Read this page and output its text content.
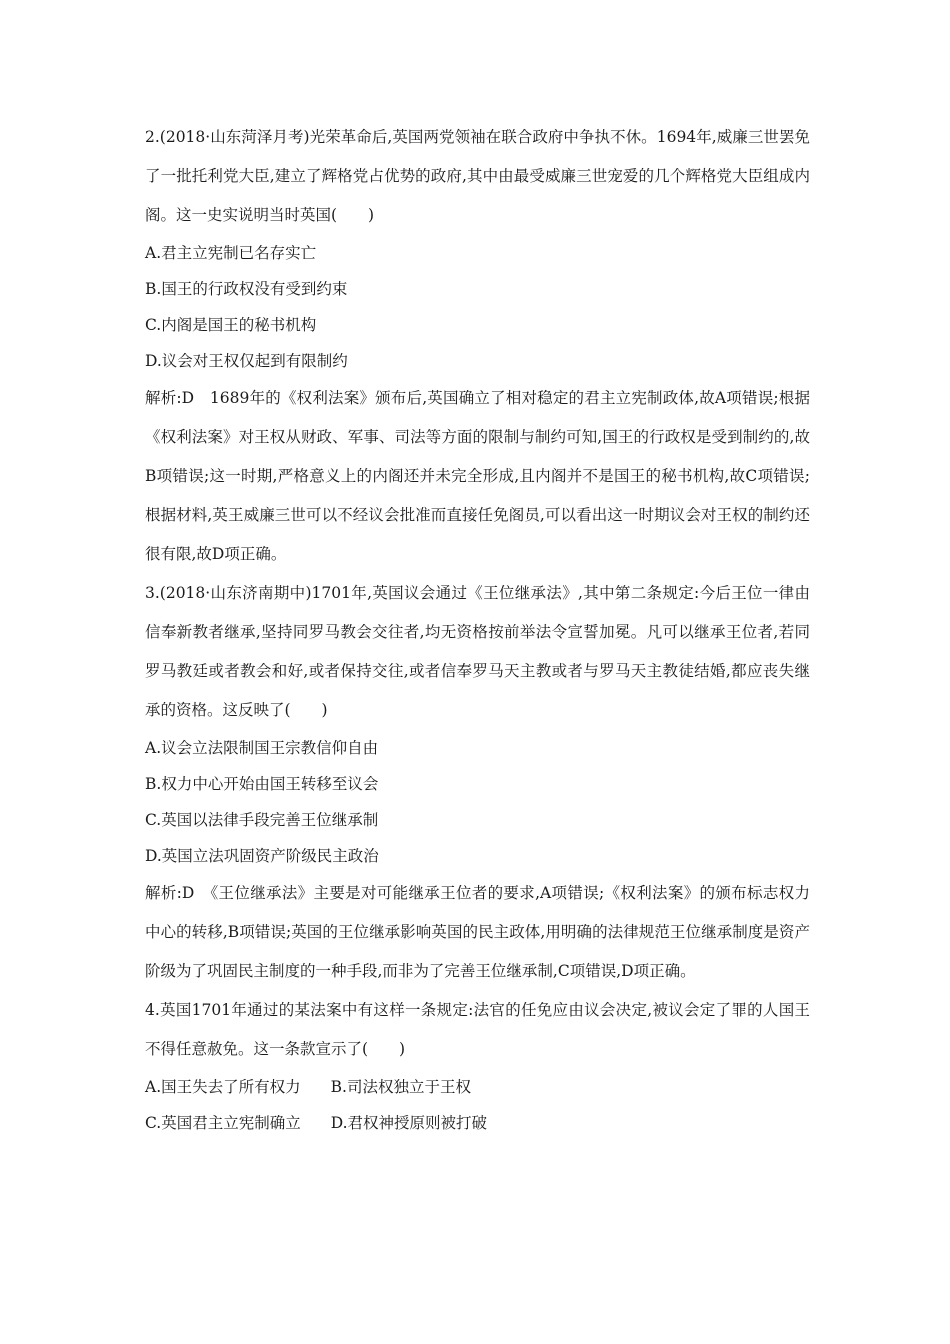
2.(2018·山东菏泽月考)光荣革命后,英国两党领袖在联合政府中争执不休。1694年,威廉三世罢免了一批托利党大臣,建立了辉格党占优势的政府,其中由最受威廉三世宠爱的几个辉格党大臣组成内阁。这一史实说明当时英国(　　)

A.君主立宪制已名存实亡

B.国王的行政权没有受到约束

C.内阁是国王的秘书机构

D.议会对王权仅起到有限制约

解析:D　1689年的《权利法案》颁布后,英国确立了相对稳定的君主立宪制政体,故A项错误;根据《权利法案》对王权从财政、军事、司法等方面的限制与制约可知,国王的行政权是受到制约的,故B项错误;这一时期,严格意义上的内阁还并未完全形成,且内阁并不是国王的秘书机构,故C项错误;根据材料,英王威廉三世可以不经议会批准而直接任免阁员,可以看出这一时期议会对王权的制约还很有限,故D项正确。

3.(2018·山东济南期中)1701年,英国议会通过《王位继承法》,其中第二条规定:今后王位一律由信奉新教者继承,坚持同罗马教会交往者,均无资格按前举法令宣誓加冕。凡可以继承王位者,若同罗马教廷或者教会和好,或者保持交往,或者信奉罗马天主教或者与罗马天主教徒结婚,都应丧失继承的资格。这反映了(　　)

A.议会立法限制国王宗教信仰自由

B.权力中心开始由国王转移至议会

C.英国以法律手段完善王位继承制

D.英国立法巩固资产阶级民主政治

解析:D　《王位继承法》主要是对可能继承王位者的要求,A项错误;《权利法案》的颁布标志权力中心的转移,B项错误;英国的王位继承影响英国的民主政体,用明确的法律规范王位继承制度是资产阶级为了巩固民主制度的一种手段,而非为了完善王位继承制,C项错误,D项正确。

4.英国1701年通过的某法案中有这样一条规定:法官的任免应由议会决定,被议会定了罪的人国王不得任意赦免。这一条款宣示了(　　)

A.国王失去了所有权力 B.司法权独立于王权

C.英国君主立宪制确立 D.君权神授原则被打破
